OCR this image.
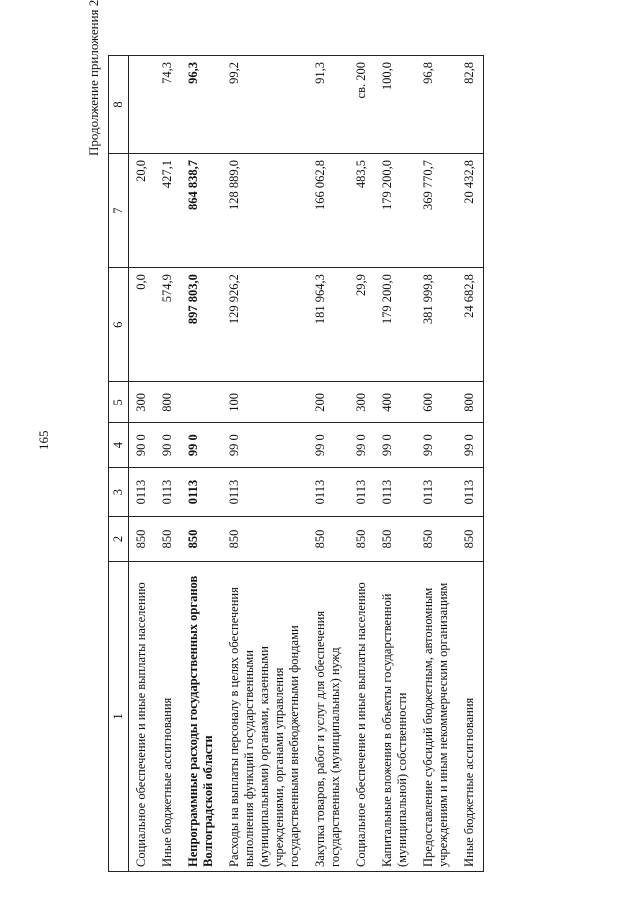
165
Продолжение приложения 2
1	2	3	4	5	6	7	8
Социальное обеспечение и иные выплаты населению	850	0113	90 0	300	0,0	20,0	
Иные бюджетные ассигнования	850	0113	90 0	800	574,9	427,1	74,3
Непрограммные расходы государственных органов Волгоградской области	850	0113	99 0		897 803,0	864 838,7	96,3
Расходы на выплаты персоналу в целях обеспечения выполнения функций государственными (муниципальными) органами, казенными учреждениями, органами управления государственными внебюджетными фондами	850	0113	99 0	100	129 926,2	128 889,0	99,2
Закупка товаров, работ и услуг для обеспечения государственных (муниципальных) нужд	850	0113	99 0	200	181 964,3	166 062,8	91,3
Социальное обеспечение и иные выплаты населению	850	0113	99 0	300	29,9	483,5	св. 200
Капитальные вложения в объекты государственной (муниципальной) собственности	850	0113	99 0	400	179 200,0	179 200,0	100,0
Предоставление субсидий бюджетным, автономным учреждениям и иным некоммерческим организациям	850	0113	99 0	600	381 999,8	369 770,7	96,8
Иные бюджетные ассигнования	850	0113	99 0	800	24 682,8	20 432,8	82,8
